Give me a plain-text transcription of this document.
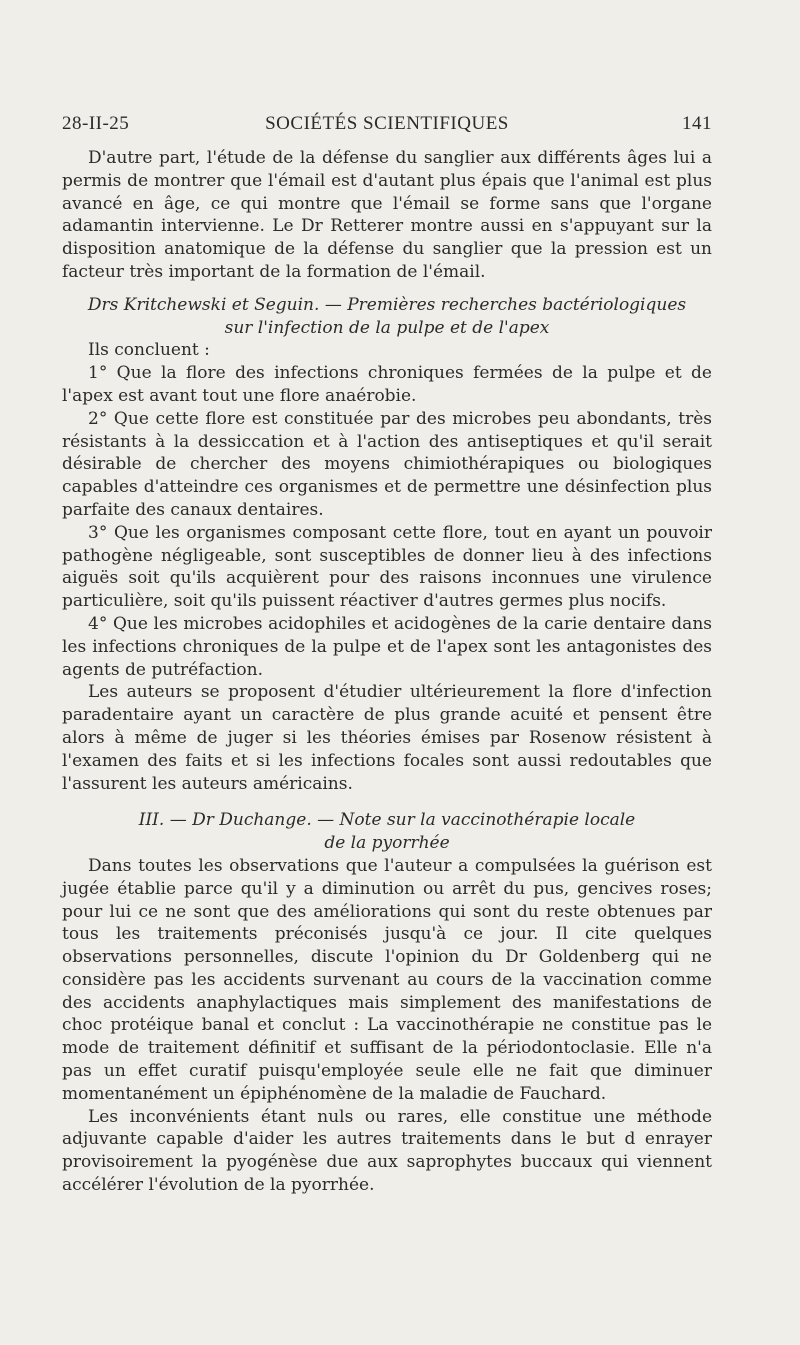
28-II-25	SOCIÉTÉS SCIENTIFIQUES	141

D'autre part, l'étude de la défense du sanglier aux différents âges lui a permis de montrer que l'émail est d'autant plus épais que l'animal est plus avancé en âge, ce qui montre que l'émail se forme sans que l'organe adamantin intervienne. Le Dr Retterer montre aussi en s'appuyant sur la disposition anatomique de la défense du sanglier que la pression est un facteur très important de la formation de l'émail.

Drs Kritchewski et Seguin. — Premières recherches bactériologiques
sur l'infection de la pulpe et de l'apex

Ils concluent :

1° Que la flore des infections chroniques fermées de la pulpe et de l'apex est avant tout une flore anaérobie.

2° Que cette flore est constituée par des microbes peu abondants, très résistants à la dessiccation et à l'action des antiseptiques et qu'il serait désirable de chercher des moyens chimiothérapiques ou biologiques capables d'atteindre ces organismes et de permettre une désinfection plus parfaite des canaux dentaires.

3° Que les organismes composant cette flore, tout en ayant un pouvoir pathogène négligeable, sont susceptibles de donner lieu à des infections aiguës soit qu'ils acquièrent pour des raisons inconnues une virulence particulière, soit qu'ils puissent réactiver d'autres germes plus nocifs.

4° Que les microbes acidophiles et acidogènes de la carie dentaire dans les infections chroniques de la pulpe et de l'apex sont les antagonistes des agents de putréfaction.

Les auteurs se proposent d'étudier ultérieurement la flore d'infection paradentaire ayant un caractère de plus grande acuité et pensent être alors à même de juger si les théories émises par Rosenow résistent à l'examen des faits et si les infections focales sont aussi redoutables que l'assurent les auteurs américains.

III. — Dr Duchange. — Note sur la vaccinothérapie locale
de la pyorrhée

Dans toutes les observations que l'auteur a compulsées la guérison est jugée établie parce qu'il y a diminution ou arrêt du pus, gencives roses; pour lui ce ne sont que des améliorations qui sont du reste obtenues par tous les traitements préconisés jusqu'à ce jour. Il cite quelques observations personnelles, discute l'opinion du Dr Goldenberg qui ne considère pas les accidents survenant au cours de la vaccination comme des accidents anaphylactiques mais simplement des manifestations de choc protéique banal et conclut : La vaccinothérapie ne constitue pas le mode de traitement définitif et suffisant de la périodontoclasie. Elle n'a pas un effet curatif puisqu'employée seule elle ne fait que diminuer momentanément un épiphénomène de la maladie de Fauchard.

Les inconvénients étant nuls ou rares, elle constitue une méthode adjuvante capable d'aider les autres traitements dans le but d enrayer provisoirement la pyogénèse due aux saprophytes buccaux qui viennent accélérer l'évolution de la pyorrhée.
